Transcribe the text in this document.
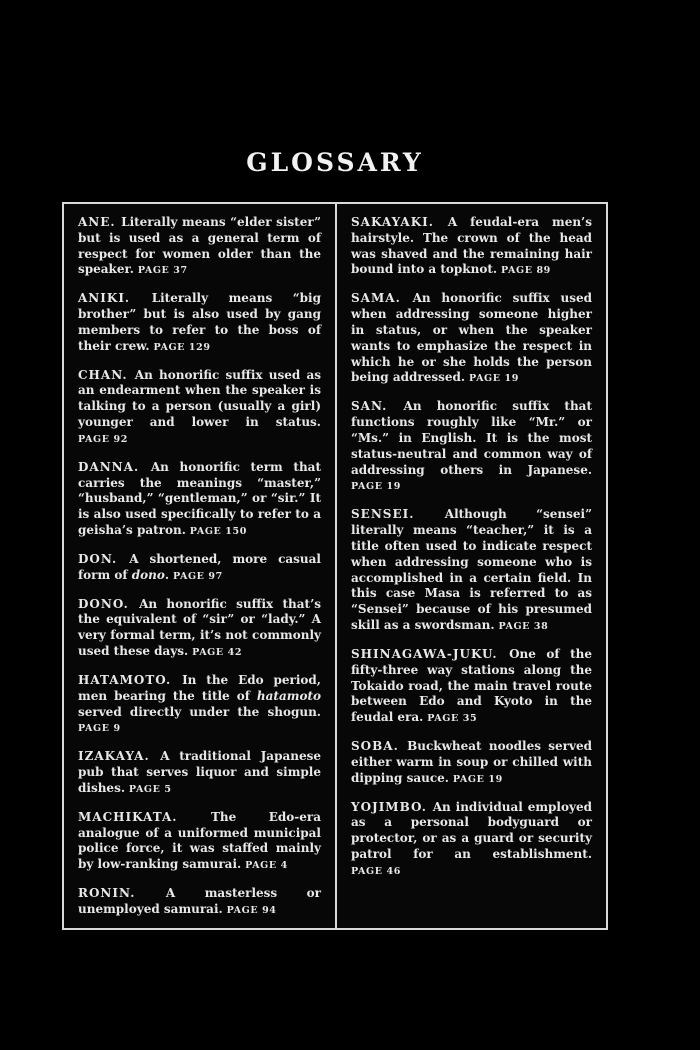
GLOSSARY

ANE. Literally means “elder sister” but is used as a general term of respect for women older than the speaker. PAGE 37

ANIKI. Literally means “big brother” but is also used by gang members to refer to the boss of their crew. PAGE 129

CHAN. An honorific suffix used as an endearment when the speaker is talking to a person (usually a girl) younger and lower in status. PAGE 92

DANNA. An honorific term that carries the meanings “master,” “husband,” “gentleman,” or “sir.” It is also used specifically to refer to a geisha’s patron. PAGE 150

DON. A shortened, more casual form of dono. PAGE 97

DONO. An honorific suffix that’s the equivalent of “sir” or “lady.” A very formal term, it’s not commonly used these days. PAGE 42

HATAMOTO. In the Edo period, men bearing the title of hatamoto served directly under the shogun. PAGE 9

IZAKAYA. A traditional Japanese pub that serves liquor and simple dishes. PAGE 5

MACHIKATA. The Edo-era analogue of a uniformed municipal police force, it was staffed mainly by low-ranking samurai. PAGE 4

RONIN. A masterless or unemployed samurai. PAGE 94

SAKAYAKI. A feudal-era men’s hairstyle. The crown of the head was shaved and the remaining hair bound into a topknot. PAGE 89

SAMA. An honorific suffix used when addressing someone higher in status, or when the speaker wants to emphasize the respect in which he or she holds the person being addressed. PAGE 19

SAN. An honorific suffix that functions roughly like “Mr.” or “Ms.” in English. It is the most status-neutral and common way of addressing others in Japanese. PAGE 19

SENSEI. Although “sensei” literally means “teacher,” it is a title often used to indicate respect when addressing someone who is accomplished in a certain field. In this case Masa is referred to as “Sensei” because of his presumed skill as a swordsman. PAGE 38

SHINAGAWA-JUKU. One of the fifty-three way stations along the Tokaido road, the main travel route between Edo and Kyoto in the feudal era. PAGE 35

SOBA. Buckwheat noodles served either warm in soup or chilled with dipping sauce. PAGE 19

YOJIMBO. An individual employed as a personal bodyguard or protector, or as a guard or security patrol for an establishment. PAGE 46
